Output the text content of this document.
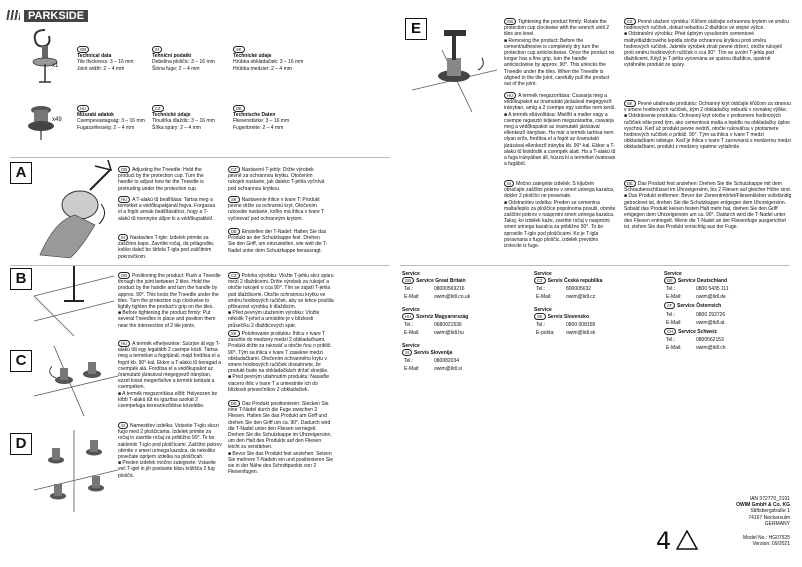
PARKSIDE
x1
x49
GB
Technical data
Tile thickness: 3 – 16 mm
Joint width: 2 – 4 mm
SI
Tehnični podatki
Debelina ploščic: 3 – 16 mm
Širina fuge: 2 – 4 mm
SK
Technické údaje
Hrúbka obkladačiek: 3 – 16 mm
Hrúbka medzier: 2 – 4 mm
HU
Műszaki adatok
Csempevastagság: 3 – 16 mm
Fugaszélesség: 2 – 4 mm
CZ
Technické údaje
Tloušťka dlaždic: 3 – 16 mm
Šířka spáry: 2 – 4 mm
DE
Technische Daten
Fliesenstärke: 3 – 16 mm
Fugenbreite: 2 – 4 mm
A	GB Adjusting the Tneedle: Hold the product by the protection cup. Turn the handle to adjust how far the Tneedle is protruding under the protection cup.
HU A T-alakú tű beállítása: Tartsa meg a terméket a védőkupakjánál fogva. Forgassa el a fogót annak beállításához, hogy a T-alakú tű mennyire álljon ki a védőkupakból.
SI Nastavitev T-igle: Izdelek primite za zaščitno kapo. Zavrtite ročaj, da prilagodite, koliko daleč bo štrlela T-igla pod zaščitnim pokrovčkom.
CZ Nastavení T-jehly: Držte výrobek pevně za ochrannou krytku. Otočením rukojeti nastavte, jak daleko T-jehla vyčnívá pod ochrannou krytkou.
SK Nastavenie ihlice v tvare T: Produkt pevne držte za ochrannú kryt. Otočením rukoväte nastavte, koľko má ihlica v tvare T vyčnievať pod ochranným krytom.
DE Einstellen der T-Nadel: Halten Sie das Produkt an der Schutzkappe fest. Drehen Sie den Griff, um einzustellen, wie weit die T-Nadel unter dem Schutzkappe herausragt.
B
C
D
GB Positioning the product: Push a Tneedle through the joint between 2 tiles. Hold the product by the handle and turn the handle by approx. 90°. This locks the Tneedle under the tiles. Turn the protection cup clockwise to lightly tighten the product's grip on the tiles.
■ Before tightening the product firmly: Put several Tneedles in place and position them near the intersection of 2 tile joints.
HU A termék elhelyezése: Szúrjon át egy T-alakú tűt egy legalább 2 csempe közti. Tartsa meg a terméket a fogójánál, majd fordítsa el a fogót kb. 90°-kal. Ekkor a T-alakú tű beragad a csempék alá. Fordítsa el a védőkupakot az óramutató járásával megegyező irányban, ezzel kissé megerősítve a termék tartását a csempéken.
■ A termék megszorítása előtt: Helyezzen be több T-alakú tűt és igazítsa azokat 2 csempefuga kereszteződése közelébe.
SI Namestitev izdelka: Vstavite T-iglo skozi fugo med 2 ploščicama. Izdelek primite za ročaj in zavrtite ročaj za približno 90°. To bo zaklenilo T-iglo pod ploščicami. Zaščitni pokrov obrnite v smeri urinega kazalca, da nekoliko povečate oprijem izdelka na ploščicah.
■ Preden izdelek močno zategnete: Vstavite več T-igel in jih postavite blizu križišča 2 fug ploščic.
CZ Poloha výrobku: Vložte T-jehlu skrz spáru mezi 2 dlaždicemi. Držte výrobek za rukojeť a otočte rukojetí o cca 90°. Tím se zajistí T-jehla pod dlaždicemi. Otočte ochrannou krytku ve směru hodinových ručiček, aby se lehce posílila přilnavost výrobku k dlaždicím.
■ Před pevným utažením výrobku: Vložte několik T-jehel a umístěte je v blízkosti průsečíku 2 dlaždicových spár.
SK Polohovanie produktu: Ihlicu v tvare T zasuňte do medzery medzi 2 obkladačkami. Produkt držte za rukoväť a otočte ňou o približ. 90°. Tým sa ihlica v tvare T zasekne medzi obkladačkami. Otočením ochranného krytu v smere hodinových ručičiek dosiahnete, že produkt bude na obkladačkách držať slnejšie.
■ Pred pevným utiahnutím produktu: Nasaďte viacero ihlic v tvare T a umiestnite ich do blízkosti priesečníkov 2 obkladačiek.
DE Das Produkt positionieren: Stecken Sie eine T-Nadel durch die Fuge zwischen 2 Fliesen. Halten Sie das Produkt am Griff und drehen Sie den Griff um ca. 90°. Dadurch wird die T-Nadel unter den Fliesen verriegelt. Drehen Sie die Schutzkappe im Uhrzeigersinn, um den Halt des Produkts auf den Fliesen leicht zu verstärken.
■ Bevor Sie das Produkt fest anziehen: Setzen Sie mehrere T-Nadeln ein und positionieren Sie sie in der Nähe des Schnittpunkts von 2 Fliesenfugen.
E	GB Tightening the product firmly: Rotate the protection cup clockwise with the wrench until 2 tiles are level.
■ Removing the product: Before the cement/adhesive is completely dry turn the protection cup anticlockwise. Once the product no longer has a fine grip, turn the handle anticlockwise by approx. 90°. This unlocks the Tneedle under the tiles. When the Tneedle is aligned to the tile joint, carefully pull the product out of the joint.
HU A termék megszorítása: Csavarja meg a védőkupakot az óramutató járásával megegyező irányban, amíg a 2 csempe egy szintbe nem kerül.
■ A termék eltávolítása: Mielőtt a malter vagy a csempe ragasztó teljesen megszáradna, csavarja meg a védőkupakot az óramutató járásával ellenkező irányban. Ha már a termék tartósa nem olyan erős, fordítsa el a fogót az óramutató járásával ellenkező irányba kb. 90°-kal. Ekkor a T-alakú tű kioldódik a csempék alatt. Ha a T-alakú tű a fuga irányában áll, húzza ki a terméket óvatosan a fugából.
SI Močno zategnite izdelek: S ključem obračajte zaščitni pokrov v smeri urinega kazalca, dokler 2 ploščici ne poravnate.
■ Odstranitev izdelka: Preden se cementna malta/lepilo za ploščice popolnoma posuši, obrnite zaščitni pokrov v nasprotni smeri urinega kazalca. Takoj, ko izdelek kaže, zavrtite ročaj v nasprotni smeri urinega kazalca za približno 90°. To bo sprostilo T-iglo pod ploščicami. Ko je T-igla poravnana s fugo ploščic, izdelek previdno izvlecite iz fuge.
CZ Pevné utažení výrobku: Klíčem otáčejte ochrannou krytem ve směru hodinových ručiček, dokud nebudou 2 dlaždice ve stejné výšce.
■ Odstranění výrobku: Před úplným vysušením cementové malty/dlaždicového lepidla otočte ochrannou krytkou proti směru hodinových ručiček. Jakmile výrobek ztratí pevné držení, otočte rukojetí proti směru hodinových ručiček o cca 90°. Tím se uvolní T-jehla pod dlaždicemi. Když je T-jehla vyrovnána se spárou dlaždice, opatrně vytáhněte produkt ze spáry.
SK Pevné utiahnutie produktu: Ochranný kryt otáčajte kľúčom za stranou v smere hodinových ručičiek, kým 2 obkladačky nebudú v rovnakej výške.
■ Odstránenie produktu: Ochranný kryt otočte v protismere hodinových ručičiek ešte pred tým, ako cementová malta a lepidlo na obkladačky úplne vyschnú. Keď už produkt pevne nedrží, otočte rukoväťou v protismere hodinových ručičiek o približ. 90°. Tým sa ihlica v tvare T medzi obkladačkami odistuje. Keď je ihlica v tvare T zarovnaná s medzerou medzi obkladačkami, produkt z medzery opatrne vytiahnite.
DE Das Produkt fest anziehen: Drehen Sie die Schutzkappe mit dem Schraubenschlüssel im Uhrzeigersinn, bis 2 Fliesen auf gleicher Höhe sind.
■ Das Produkt entfernen: Bevor der Zementmörtel/Fliesenkleber vollständig getrocknet ist, drehen Sie die Schutzkappe entgegen dem Uhrzeigersinn. Sobald das Produkt keinen festen Halt mehr hat, drehen Sie den Griff entgegen dem Uhrzeigersinn um ca. 90°. Dadurch wird die T-Nadel unter den Fliesen entriegelt. Wenn die T-Nadel an der Fliesenfuge ausgerichtet ist, ziehen Sie das Produkt vorsichtig aus der Fuge.
Service
GB Service Great Britain
Tel.:	08000569216
E-Mail:	owim@lidl.co.uk
Service
HU Szerviz Magyarország
Tel.:	0680021536
E-Mail:	owim@lidl.hu
Service
SI Servis Slovenija
Tel.:	080082034
E-Mail:	owim@lidl.si
Service
CZ Servis Česká republika
Tel.:	800005632
E-Mail:	owim@lidl.cz
Service
SK Servis Slovensko
Tel.:	0800 008158
E-pošta:	owim@lidl.sk
Service
DE Service Deutschland
Tel.:	0800 5435 111
E-Mail:	owim@lidl.de
AT Service Österreich
Tel.:	0800 292726
E-Mail:	owim@lidl.at
CH Service Schweiz
Tel.:	0800562153
E-Mail:	owim@lidl.ch
IAN 372770_2101
OWIM GmbH & Co. KG
Stiftsbergstraße 1
74167 Neckarsulm
GERMANY
Model No.: HG07525
Version: 09/2021
4
